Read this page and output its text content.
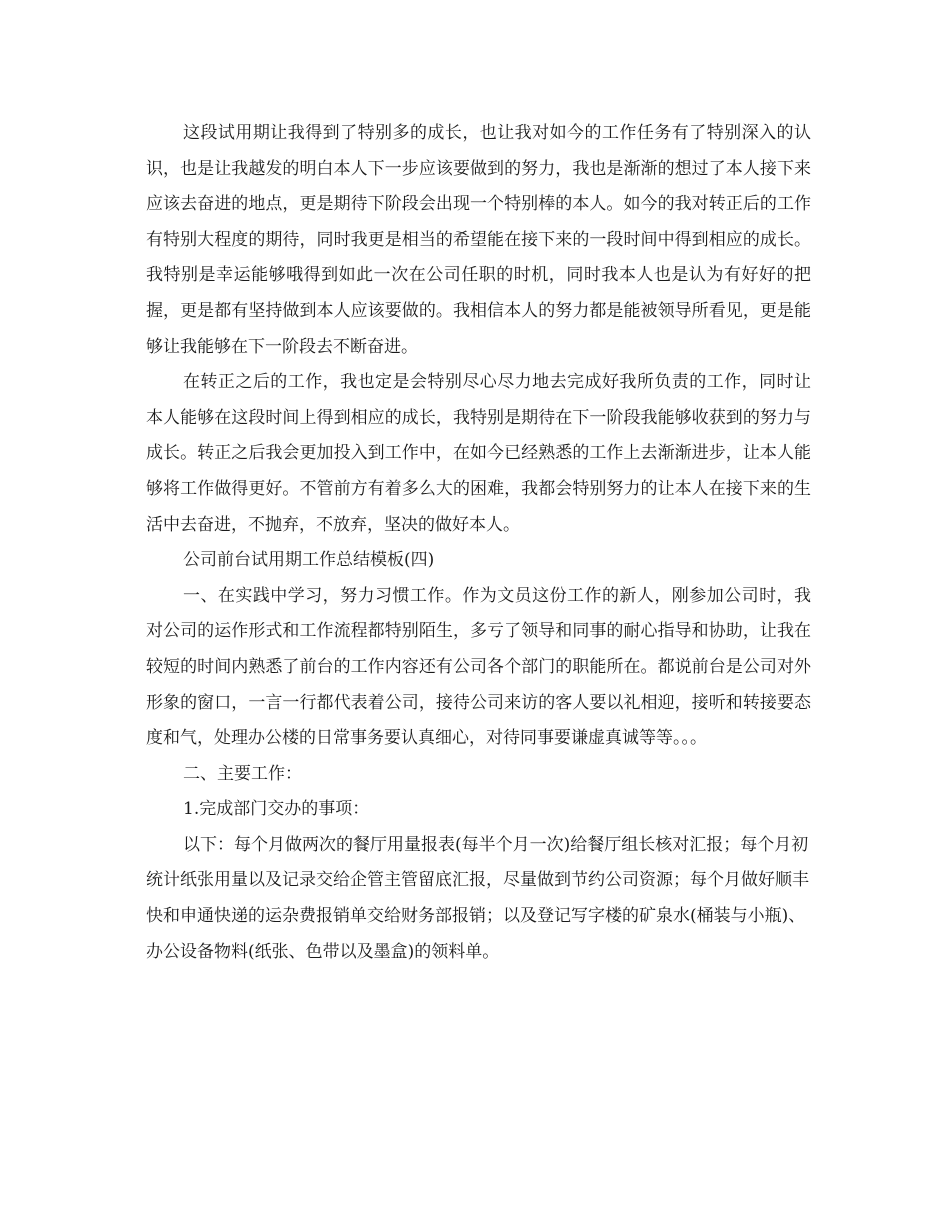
这段试用期让我得到了特别多的成长，也让我对如今的工作任务有了特别深入的认识，也是让我越发的明白本人下一步应该要做到的努力，我也是渐渐的想过了本人接下来应该去奋进的地点，更是期待下阶段会出现一个特别棒的本人。如今的我对转正后的工作有特别大程度的期待，同时我更是相当的希望能在接下来的一段时间中得到相应的成长。我特别是幸运能够哦得到如此一次在公司任职的时机，同时我本人也是认为有好好的把握，更是都有坚持做到本人应该要做的。我相信本人的努力都是能被领导所看见，更是能够让我能够在下一阶段去不断奋进。

在转正之后的工作，我也定是会特别尽心尽力地去完成好我所负责的工作，同时让本人能够在这段时间上得到相应的成长，我特别是期待在下一阶段我能够收获到的努力与成长。转正之后我会更加投入到工作中，在如今已经熟悉的工作上去渐渐进步，让本人能够将工作做得更好。不管前方有着多么大的困难，我都会特别努力的让本人在接下来的生活中去奋进，不抛弃，不放弃，坚决的做好本人。

公司前台试用期工作总结模板(四)

一、在实践中学习，努力习惯工作。作为文员这份工作的新人，刚参加公司时，我对公司的运作形式和工作流程都特别陌生，多亏了领导和同事的耐心指导和协助，让我在较短的时间内熟悉了前台的工作内容还有公司各个部门的职能所在。都说前台是公司对外形象的窗口，一言一行都代表着公司，接待公司来访的客人要以礼相迎，接听和转接要态度和气，处理办公楼的日常事务要认真细心，对待同事要谦虚真诚等等。。。

二、主要工作：

1.完成部门交办的事项：

以下：每个月做两次的餐厅用量报表(每半个月一次)给餐厅组长核对汇报；每个月初统计纸张用量以及记录交给企管主管留底汇报，尽量做到节约公司资源；每个月做好顺丰快和申通快递的运杂费报销单交给财务部报销；以及登记写字楼的矿泉水(桶装与小瓶)、办公设备物料(纸张、色带以及墨盒)的领料单。
